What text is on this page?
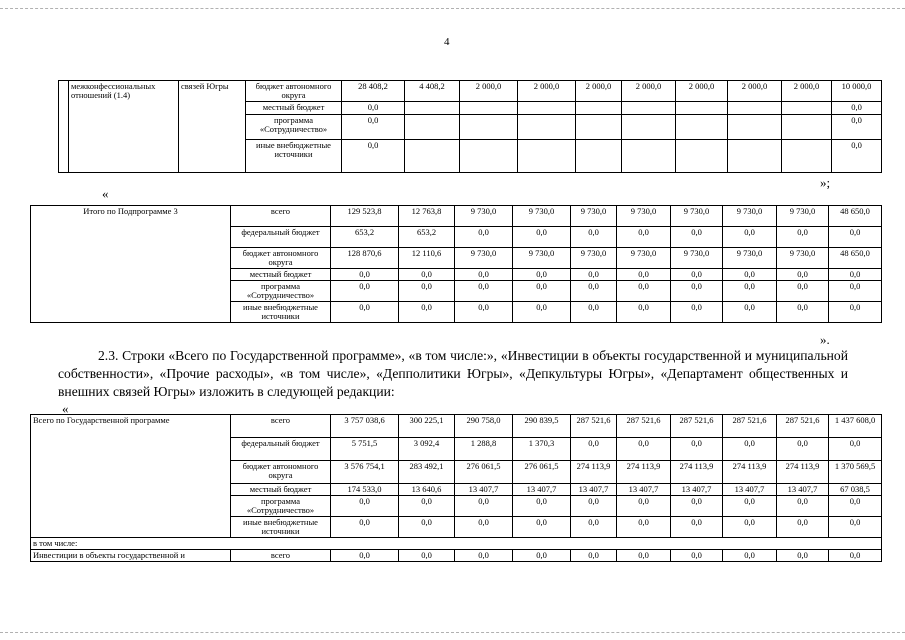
4
	межконфессиональных отношений (1.4)	связей Югры	бюджет автономного округа	28 408,2	4 408,2	2 000,0	2 000,0	2 000,0	2 000,0	2 000,0	2 000,0	2 000,0	10 000,0
			местный бюджет	0,0									0,0
			программа «Сотрудничество»	0,0									0,0
			иные внебюджетные источники	0,0									0,0
«
»;
Итого по Подпрограмме 3	всего	129 523,8	12 763,8	9 730,0	9 730,0	9 730,0	9 730,0	9 730,0	9 730,0	9 730,0	48 650,0
	федеральный бюджет	653,2	653,2	0,0	0,0	0,0	0,0	0,0	0,0	0,0	0,0
	бюджет автономного округа	128 870,6	12 110,6	9 730,0	9 730,0	9 730,0	9 730,0	9 730,0	9 730,0	9 730,0	48 650,0
	местный бюджет	0,0	0,0	0,0	0,0	0,0	0,0	0,0	0,0	0,0	0,0
	программа «Сотрудничество»	0,0	0,0	0,0	0,0	0,0	0,0	0,0	0,0	0,0	0,0
	иные внебюджетные источники	0,0	0,0	0,0	0,0	0,0	0,0	0,0	0,0	0,0	0,0
».
2.3. Строки «Всего по Государственной программе», «в том числе:», «Инвестиции в объекты государственной и муниципальной собственности», «Прочие расходы», «в том числе», «Депполитики Югры», «Депкультуры Югры», «Департамент общественных и внешних связей Югры» изложить в следующей редакции:
«
Всего по Государственной программе	всего	3 757 038,6	300 225,1	290 758,0	290 839,5	287 521,6	287 521,6	287 521,6	287 521,6	287 521,6	1 437 608,0
	федеральный бюджет	5 751,5	3 092,4	1 288,8	1 370,3	0,0	0,0	0,0	0,0	0,0	0,0
	бюджет автономного округа	3 576 754,1	283 492,1	276 061,5	276 061,5	274 113,9	274 113,9	274 113,9	274 113,9	274 113,9	1 370 569,5
	местный бюджет	174 533,0	13 640,6	13 407,7	13 407,7	13 407,7	13 407,7	13 407,7	13 407,7	13 407,7	67 038,5
	программа «Сотрудничество»	0,0	0,0	0,0	0,0	0,0	0,0	0,0	0,0	0,0	0,0
	иные внебюджетные источники	0,0	0,0	0,0	0,0	0,0	0,0	0,0	0,0	0,0	0,0
в том числе:											
Инвестиции в объекты государственной и	всего	0,0	0,0	0,0	0,0	0,0	0,0	0,0	0,0	0,0	0,0
